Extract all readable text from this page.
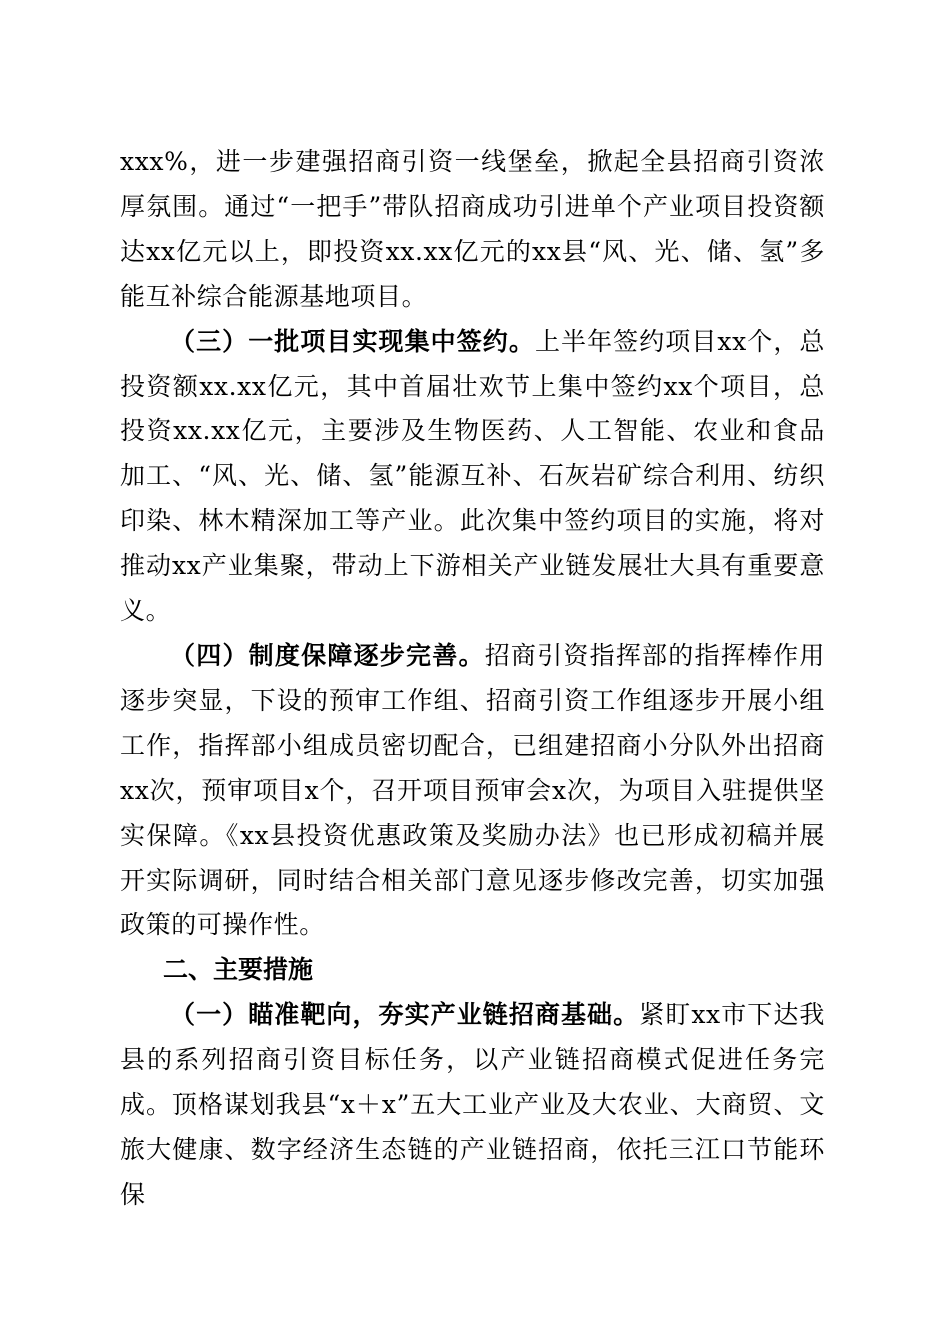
xxx%，进一步建强招商引资一线堡垒，掀起全县招商引资浓厚氛围。通过“一把手”带队招商成功引进单个产业项目投资额达xx亿元以上，即投资xx.xx亿元的xx县“风、光、储、氢”多能互补综合能源基地项目。

（三）一批项目实现集中签约。上半年签约项目xx个，总投资额xx.xx亿元，其中首届壮欢节上集中签约xx个项目，总投资xx.xx亿元，主要涉及生物医药、人工智能、农业和食品加工、“风、光、储、氢”能源互补、石灰岩矿综合利用、纺织印染、林木精深加工等产业。此次集中签约项目的实施，将对推动xx产业集聚，带动上下游相关产业链发展壮大具有重要意义。

（四）制度保障逐步完善。招商引资指挥部的指挥棒作用逐步突显，下设的预审工作组、招商引资工作组逐步开展小组工作，指挥部小组成员密切配合，已组建招商小分队外出招商xx次，预审项目x个，召开项目预审会x次，为项目入驻提供坚实保障。《xx县投资优惠政策及奖励办法》也已形成初稿并展开实际调研，同时结合相关部门意见逐步修改完善，切实加强政策的可操作性。

二、主要措施

（一）瞄准靶向，夯实产业链招商基础。紧盯xx市下达我县的系列招商引资目标任务，以产业链招商模式促进任务完成。顶格谋划我县“x＋x”五大工业产业及大农业、大商贸、文旅大健康、数字经济生态链的产业链招商，依托三江口节能环保
